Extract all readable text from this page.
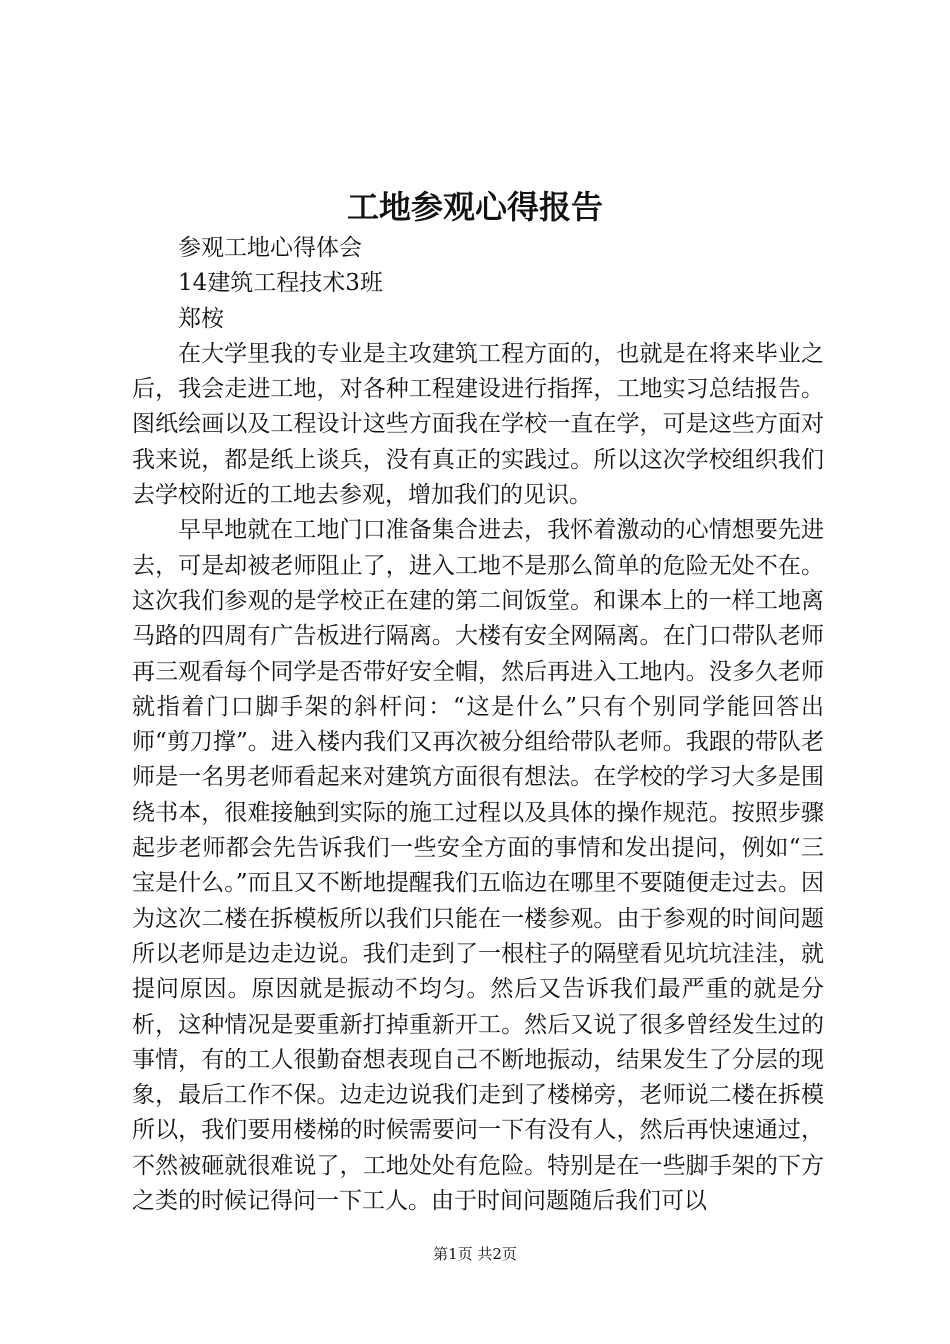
工地参观心得报告

参观工地心得体会

14建筑工程技术3班

郑桉

在大学里我的专业是主攻建筑工程方面的，也就是在将来毕业之后，我会走进工地，对各种工程建设进行指挥，工地实习总结报告。图纸绘画以及工程设计这些方面我在学校一直在学，可是这些方面对我来说，都是纸上谈兵，没有真正的实践过。所以这次学校组织我们去学校附近的工地去参观，增加我们的见识。

早早地就在工地门口准备集合进去，我怀着激动的心情想要先进去，可是却被老师阻止了，进入工地不是那么简单的危险无处不在。这次我们参观的是学校正在建的第二间饭堂。和课本上的一样工地离马路的四周有广告板进行隔离。大楼有安全网隔离。在门口带队老师再三观看每个同学是否带好安全帽，然后再进入工地内。没多久老师就指着门口脚手架的斜杆问：“这是什么”只有个别同学能回答出师“剪刀撑”。进入楼内我们又再次被分组给带队老师。我跟的带队老师是一名男老师看起来对建筑方面很有想法。在学校的学习大多是围绕书本，很难接触到实际的施工过程以及具体的操作规范。按照步骤起步老师都会先告诉我们一些安全方面的事情和发出提问，例如“三宝是什么。”而且又不断地提醒我们五临边在哪里不要随便走过去。因为这次二楼在拆模板所以我们只能在一楼参观。由于参观的时间问题所以老师是边走边说。我们走到了一根柱子的隔壁看见坑坑洼洼，就提问原因。原因就是振动不均匀。然后又告诉我们最严重的就是分析，这种情况是要重新打掉重新开工。然后又说了很多曾经发生过的事情，有的工人很勤奋想表现自己不断地振动，结果发生了分层的现象，最后工作不保。边走边说我们走到了楼梯旁，老师说二楼在拆模所以，我们要用楼梯的时候需要问一下有没有人，然后再快速通过，不然被砸就很难说了，工地处处有危险。特别是在一些脚手架的下方之类的时候记得问一下工人。由于时间问题随后我们可以

第1页 共2页
